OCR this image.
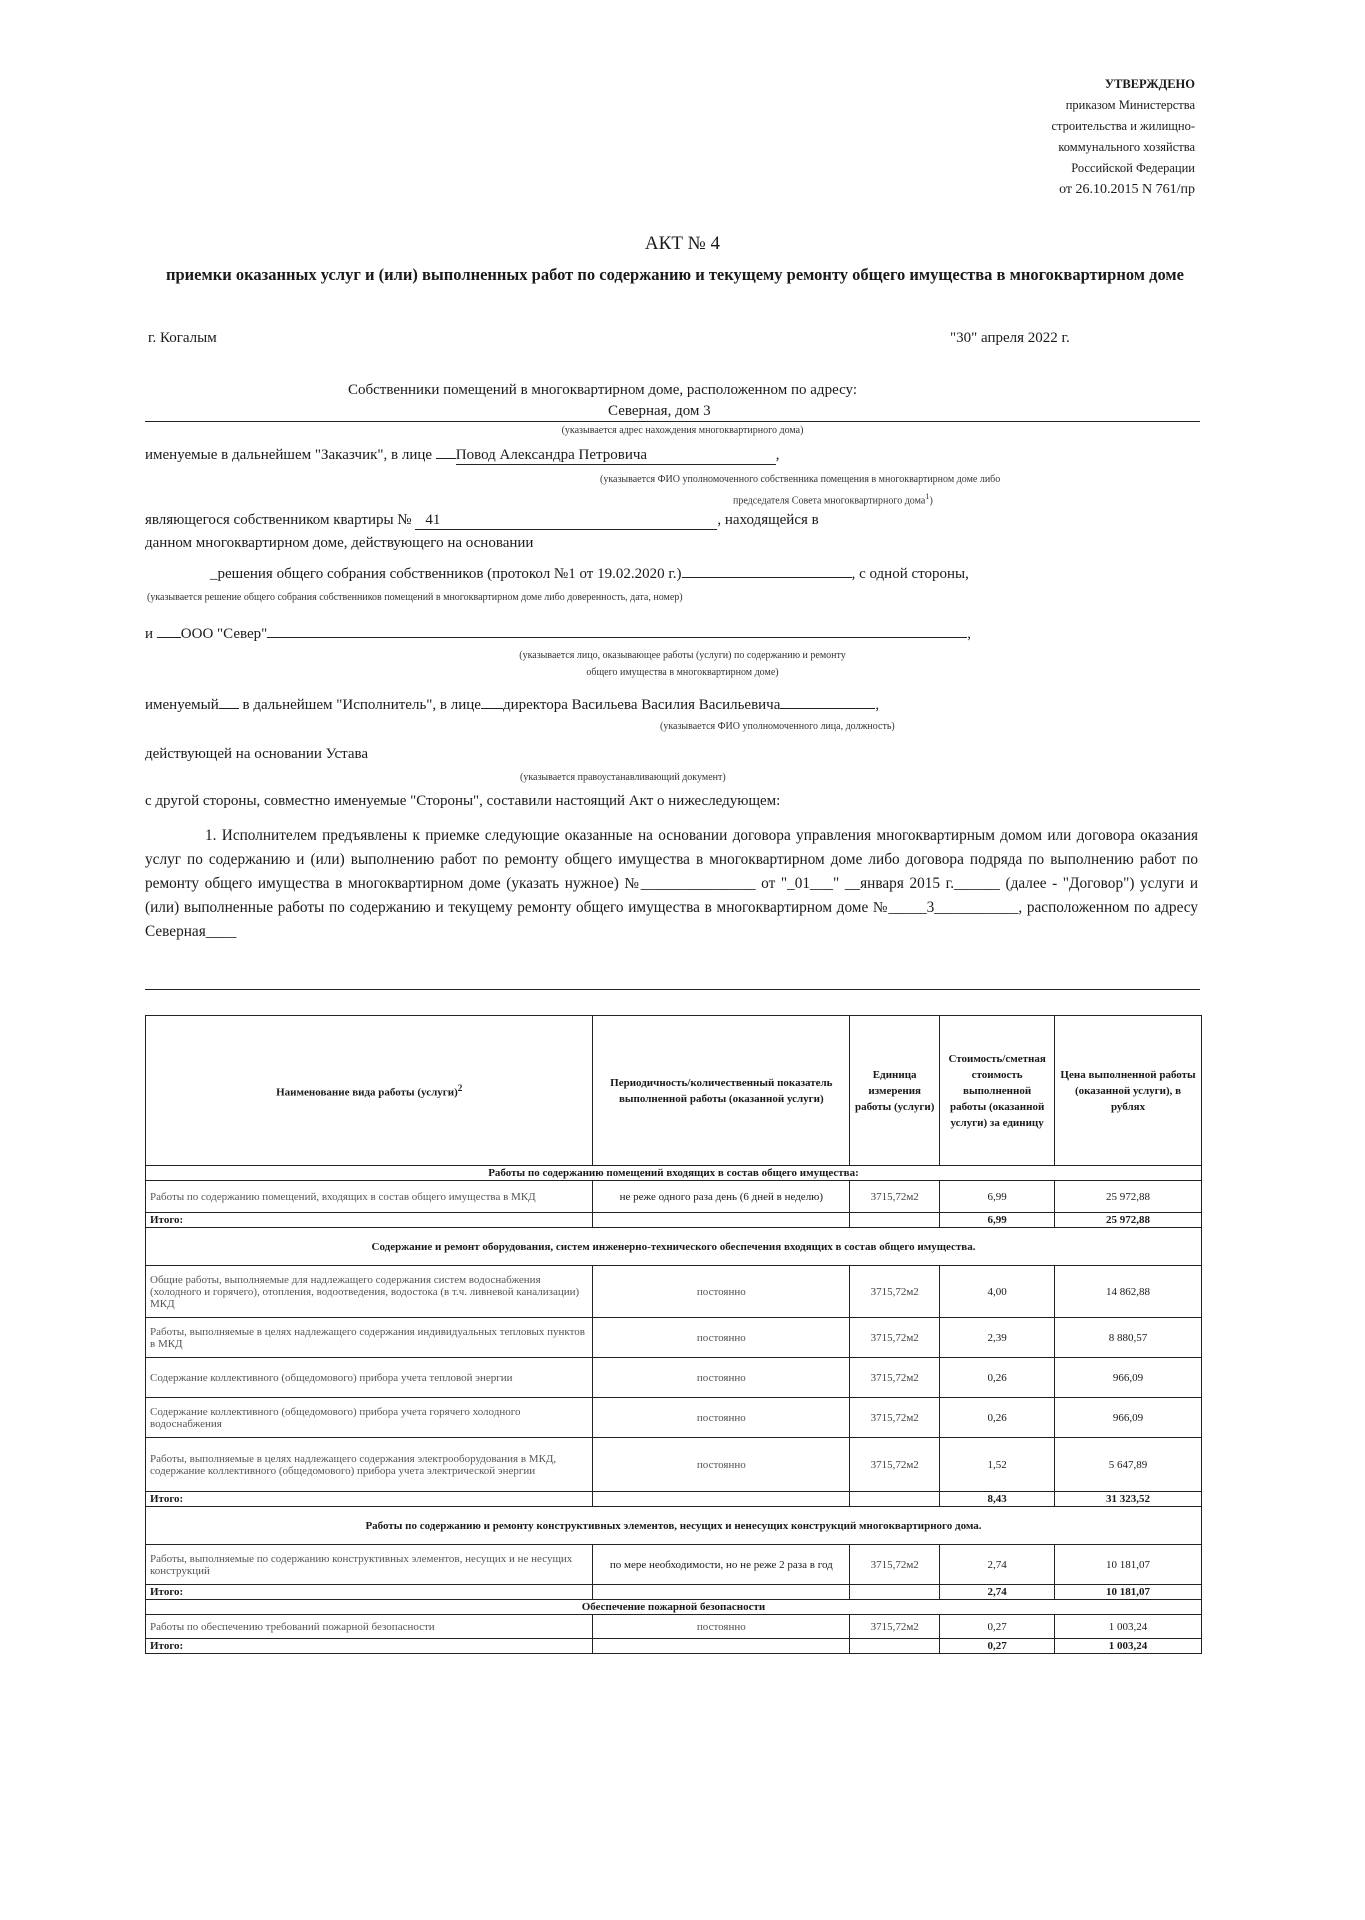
УТВЕРЖДЕНО
приказом Министерства
строительства и жилищно-
коммунального хозяйства
Российской Федерации
от 26.10.2015 N 761/пр
АКТ № 4
приемки оказанных услуг и (или) выполненных работ по содержанию и текущему ремонту общего имущества в многоквартирном доме
г. Когалым	"30" апреля 2022 г.
Собственники помещений в многоквартирном доме, расположенном по адресу:
Северная, дом 3
(указывается адрес нахождения многоквартирного дома)
именуемые в дальнейшем "Заказчик", в лице Повод Александра Петровича	,
(указывается ФИО уполномоченного собственника помещения в многоквартирном доме либо
председателя Совета многоквартирного дома$^1$)
являющегося собственником квартиры № 41	, находящейся в
данном многоквартирном доме, действующего на основании
_решения общего собрания собственников (протокол №1 от 19.02.2020 г.)	, с одной стороны,
(указывается решение общего собрания собственников помещений в многоквартирном доме либо доверенность, дата, номер)
и ООО "Север"	,
(указывается лицо, оказывающее работы (услуги) по содержанию и ремонту
общего имущества в многоквартирном доме)
именуемый в дальнейшем "Исполнитель", в лице директора Васильева Василия Васильевича	,
(указывается ФИО уполномоченного лица, должность)
действующей на основании Устава
(указывается правоустанавливающий документ)
с другой стороны, совместно именуемые "Стороны", составили настоящий Акт о нижеследующем:
1. Исполнителем предъявлены к приемке следующие оказанные на основании договора управления многоквартирным домом или договора оказания услуг по содержанию и (или) выполнению работ по ремонту общего имущества в многоквартирном доме либо договора подряда по выполнению работ по ремонту общего имущества в многоквартирном доме (указать нужное) №_______________ от "_01___" __января 2015 г.______ (далее - "Договор") услуги и (или) выполненные работы по содержанию и текущему ремонту общего имущества в многоквартирном доме №_____3___________, расположенном по адресу Северная____
Наименование вида работы (услуги)$^2$	Периодичность/количественный показатель выполненной работы (оказанной услуги)	Единица измерения работы (услуги)	Стоимость/сметная стоимость выполненной работы (оказанной услуги) за единицу	Цена выполненной работы (оказанной услуги), в рублях
Работы по содержанию помещений входящих в состав общего имущества:				
Работы по содержанию помещений, входящих в состав общего имущества в МКД	не реже одного раза день (6 дней в неделю)	3715,72м2	6,99	25 972,88
Итого:			6,99	25 972,88
Содержание и ремонт оборудования, систем инженерно-технического обеспечения входящих в состав общего имущества.				
Общие работы, выполняемые для надлежащего содержания систем водоснабжения (холодного и горячего), отопления, водоотведения, водостока (в т.ч. ливневой канализации) МКД	постоянно	3715,72м2	4,00	14 862,88
Работы, выполняемые в целях надлежащего содержания индивидуальных тепловых пунктов в МКД	постоянно	3715,72м2	2,39	8 880,57
Содержание коллективного (общедомового) прибора учета тепловой энергии	постоянно	3715,72м2	0,26	966,09
Содержание коллективного (общедомового) прибора учета горячего холодного водоснабжения	постоянно	3715,72м2	0,26	966,09
Работы, выполняемые в целях надлежащего содержания электрооборудования в МКД, содержание коллективного (общедомового) прибора учета электрической энергии	постоянно	3715,72м2	1,52	5 647,89
Итого:			8,43	31 323,52
Работы по содержанию и ремонту конструктивных элементов, несущих и ненесущих конструкций многоквартирного дома.				
Работы, выполняемые по содержанию конструктивных элементов, несущих и не несущих конструкций	по мере необходимости, но не реже 2 раза в год	3715,72м2	2,74	10 181,07
Итого:			2,74	10 181,07
Обеспечение пожарной безопасности				
Работы по обеспечению требований пожарной безопасности	постоянно	3715,72м2	0,27	1 003,24
Итого:			0,27	1 003,24
